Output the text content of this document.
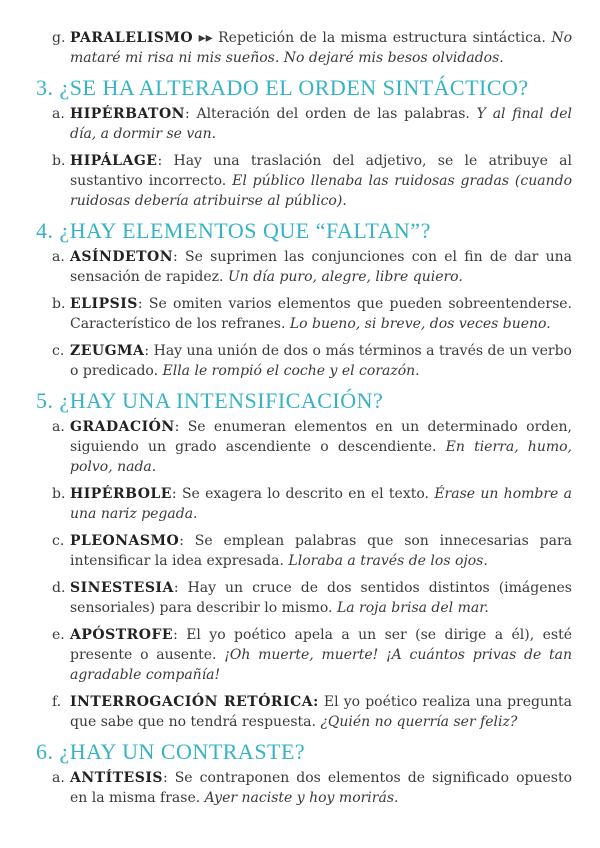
g. PARALELISMO ▸▸ Repetición de la misma estructura sintáctica. No mataré mi risa ni mis sueños. No dejaré mis besos olvidados.
3. ¿SE HA ALTERADO EL ORDEN SINTÁCTICO?
a. HIPÉRBATON: Alteración del orden de las palabras. Y al final del día, a dormir se van.
b. HIPÁLAGE: Hay una traslación del adjetivo, se le atribuye al sustantivo incorrecto. El público llenaba las ruidosas gradas (cuando ruidosas debería atribuirse al público).
4. ¿HAY ELEMENTOS QUE “FALTAN”?
a. ASÍNDETON: Se suprimen las conjunciones con el fin de dar una sensación de rapidez. Un día puro, alegre, libre quiero.
b. ELIPSIS: Se omiten varios elementos que pueden sobreentenderse. Característico de los refranes. Lo bueno, si breve, dos veces bueno.
c. ZEUGMA: Hay una unión de dos o más términos a través de un verbo o predicado. Ella le rompió el coche y el corazón.
5. ¿HAY UNA INTENSIFICACIÓN?
a. GRADACIÓN: Se enumeran elementos en un determinado orden, siguiendo un grado ascendiente o descendiente. En tierra, humo, polvo, nada.
b. HIPÉRBOLE: Se exagera lo descrito en el texto. Érase un hombre a una nariz pegada.
c. PLEONASMO: Se emplean palabras que son innecesarias para intensificar la idea expresada. Lloraba a través de los ojos.
d. SINESTESIA: Hay un cruce de dos sentidos distintos (imágenes sensoriales) para describir lo mismo. La roja brisa del mar.
e. APÓSTROFE: El yo poético apela a un ser (se dirige a él), esté presente o ausente. ¡Oh muerte, muerte! ¡A cuántos privas de tan agradable compañía!
f. INTERROGACIÓN RETÓRICA: El yo poético realiza una pregunta que sabe que no tendrá respuesta. ¿Quién no querría ser feliz?
6. ¿HAY UN CONTRASTE?
a. ANTÍTESIS: Se contraponen dos elementos de significado opuesto en la misma frase. Ayer naciste y hoy morirás.
